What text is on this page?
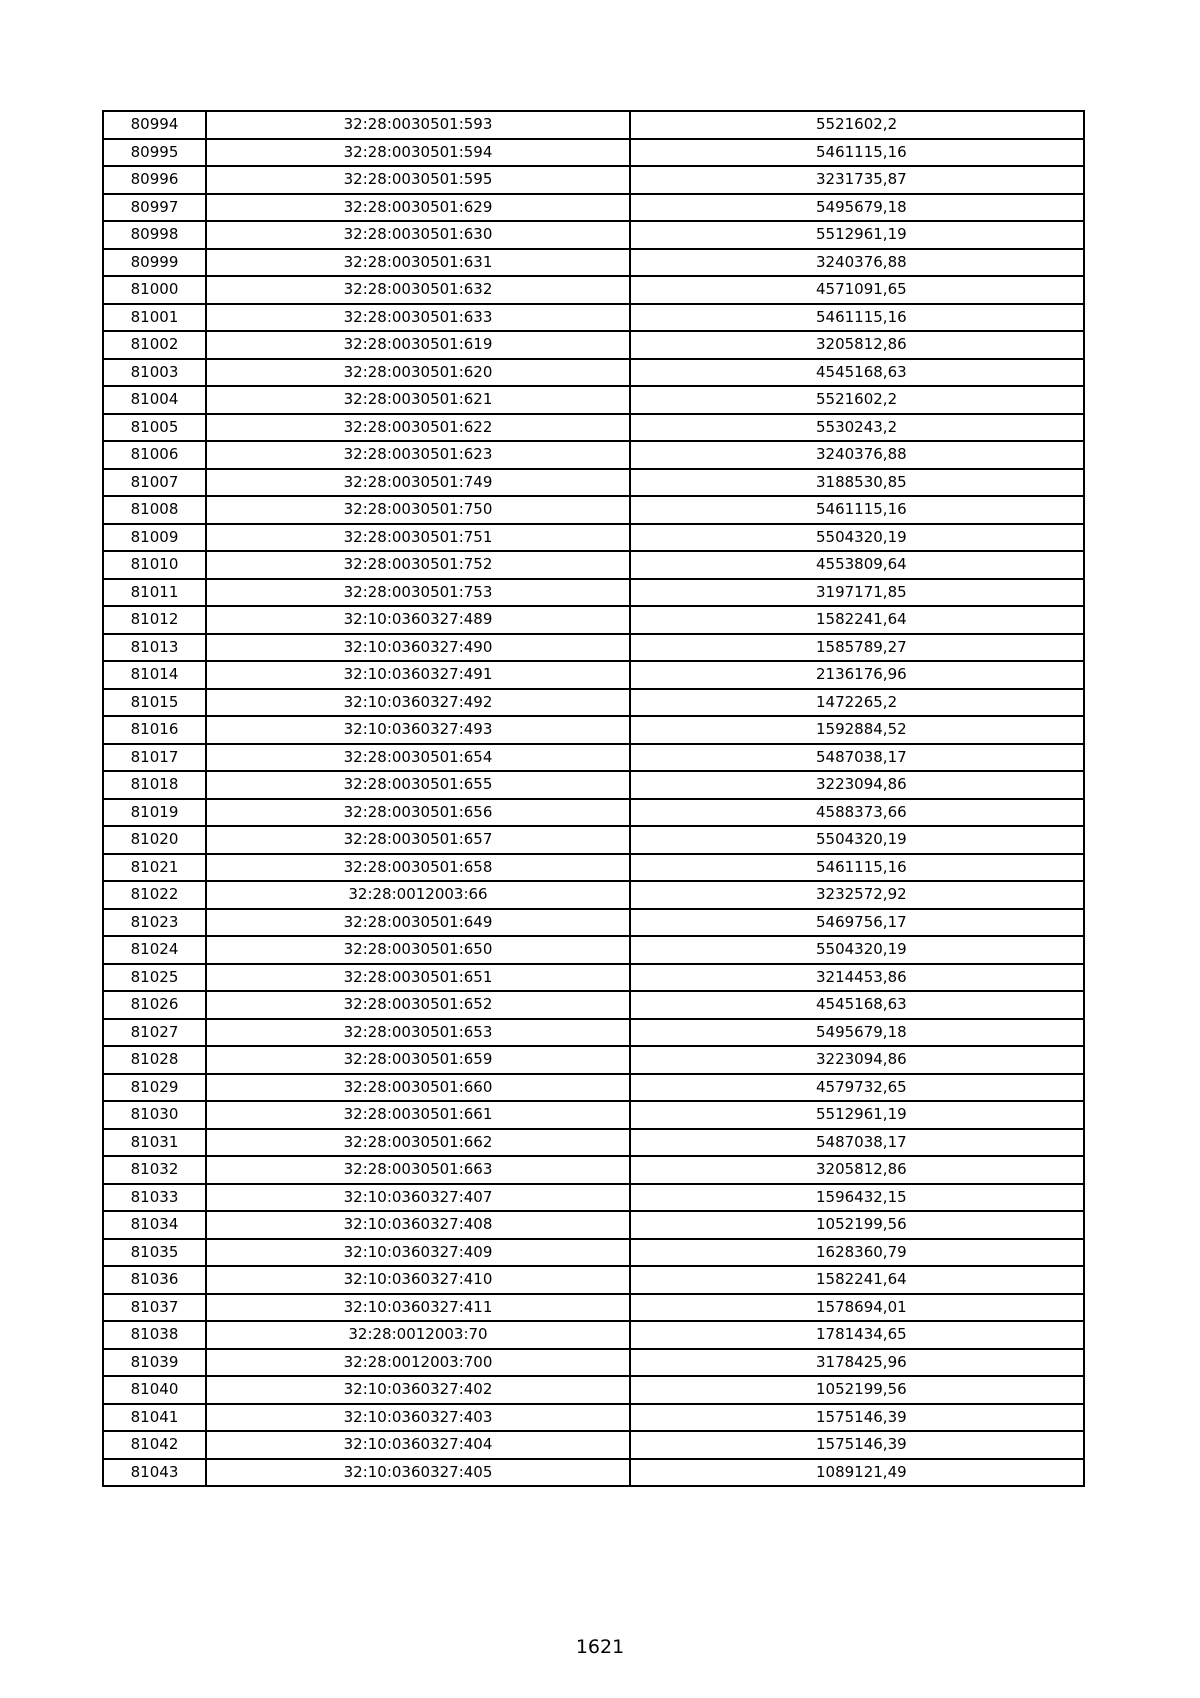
80994	32:28:0030501:593	5521602,2
80995	32:28:0030501:594	5461115,16
80996	32:28:0030501:595	3231735,87
80997	32:28:0030501:629	5495679,18
80998	32:28:0030501:630	5512961,19
80999	32:28:0030501:631	3240376,88
81000	32:28:0030501:632	4571091,65
81001	32:28:0030501:633	5461115,16
81002	32:28:0030501:619	3205812,86
81003	32:28:0030501:620	4545168,63
81004	32:28:0030501:621	5521602,2
81005	32:28:0030501:622	5530243,2
81006	32:28:0030501:623	3240376,88
81007	32:28:0030501:749	3188530,85
81008	32:28:0030501:750	5461115,16
81009	32:28:0030501:751	5504320,19
81010	32:28:0030501:752	4553809,64
81011	32:28:0030501:753	3197171,85
81012	32:10:0360327:489	1582241,64
81013	32:10:0360327:490	1585789,27
81014	32:10:0360327:491	2136176,96
81015	32:10:0360327:492	1472265,2
81016	32:10:0360327:493	1592884,52
81017	32:28:0030501:654	5487038,17
81018	32:28:0030501:655	3223094,86
81019	32:28:0030501:656	4588373,66
81020	32:28:0030501:657	5504320,19
81021	32:28:0030501:658	5461115,16
81022	32:28:0012003:66	3232572,92
81023	32:28:0030501:649	5469756,17
81024	32:28:0030501:650	5504320,19
81025	32:28:0030501:651	3214453,86
81026	32:28:0030501:652	4545168,63
81027	32:28:0030501:653	5495679,18
81028	32:28:0030501:659	3223094,86
81029	32:28:0030501:660	4579732,65
81030	32:28:0030501:661	5512961,19
81031	32:28:0030501:662	5487038,17
81032	32:28:0030501:663	3205812,86
81033	32:10:0360327:407	1596432,15
81034	32:10:0360327:408	1052199,56
81035	32:10:0360327:409	1628360,79
81036	32:10:0360327:410	1582241,64
81037	32:10:0360327:411	1578694,01
81038	32:28:0012003:70	1781434,65
81039	32:28:0012003:700	3178425,96
81040	32:10:0360327:402	1052199,56
81041	32:10:0360327:403	1575146,39
81042	32:10:0360327:404	1575146,39
81043	32:10:0360327:405	1089121,49
1621
